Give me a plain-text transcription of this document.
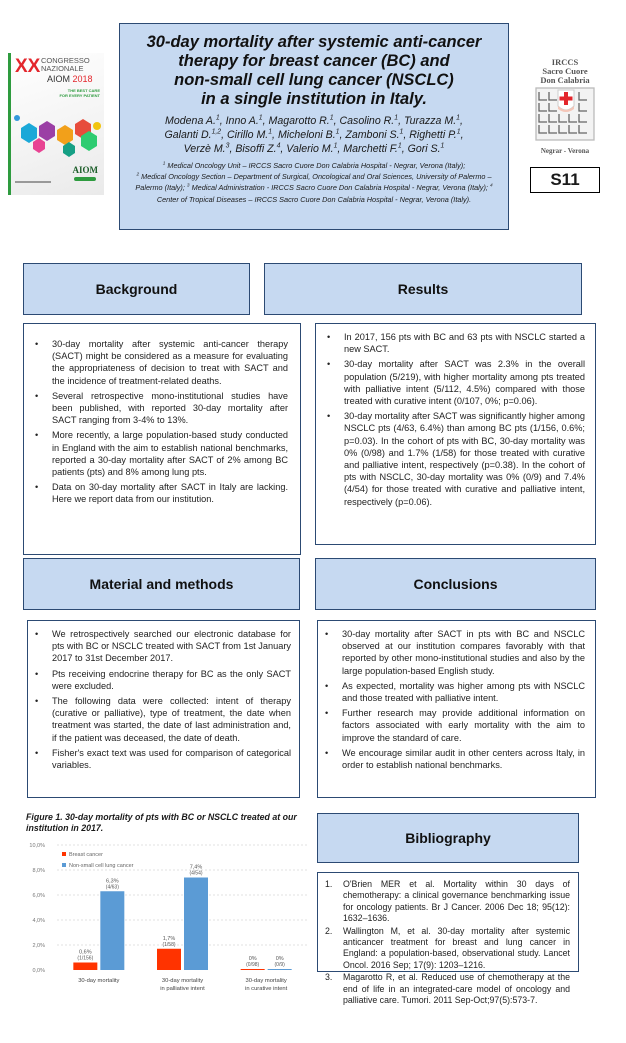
XX CONGRESSO
NAZIONALE
AIOM 2018
THE BEST CARE
FOR EVERY PATIENT
AIOM
30-day mortality after systemic anti-cancer
therapy for breast cancer (BC) and
non-small cell lung cancer (NSCLC)
in a single institution in Italy.
Modena A.$^1$, Inno A.$^1$, Magarotto R.$^1$, Casolino R.$^1$, Turazza M.$^1$,
Galanti D.$^{1,2}$, Cirillo M.$^1$, Micheloni B.$^1$, Zamboni S.$^1$, Righetti P.$^1$,
Verzè M.$^3$, Bisoffi Z.$^4$, Valerio M.$^1$, Marchetti F.$^1$, Gori S.$^1$
$^1$ Medical Oncology Unit – IRCCS Sacro Cuore Don Calabria Hospital - Negrar, Verona (Italy);
$^2$ Medical Oncology Section – Department of Surgical, Oncological and Oral Sciences, University of Palermo – Palermo (Italy); $^3$ Medical Administration - IRCCS Sacro Cuore Don Calabria Hospital - Negrar, Verona (Italy); $^4$ Center of Tropical Diseases – IRCCS Sacro Cuore Don Calabria Hospital - Negrar, Verona (Italy).
IRCCS
Sacro Cuore
Don Calabria
Negrar - Verona
S11
Background	Results
• 30-day mortality after systemic anti-cancer therapy (SACT) might be considered as a measure for evaluating the appropriateness of decision to treat with SACT and the incidence of treatment-related deaths.
• Several retrospective mono-institutional studies have been published, with reported 30-day mortality after SACT ranging from 3-4% to 13%.
• More recently, a large population-based study conducted in England with the aim to establish national benchmarks, reported a 30-day mortality after SACT of 2% among BC patients (pts) and 8% among lung pts.
• Data on 30-day mortality after SACT in Italy are lacking. Here we report data from our institution.
• In 2017, 156 pts with BC and 63 pts with NSCLC started a new SACT.
• 30-day mortality after SACT was 2.3% in the overall population (5/219), with higher mortality among pts treated with palliative intent (5/112, 4.5%) compared with those treated with curative intent (0/107, 0%; p=0.06).
• 30-day mortality after SACT was significantly higher among NSCLC pts (4/63, 6.4%) than among BC pts (1/156, 0.6%; p=0.03). In the cohort of pts with BC, 30-day mortality was 0% (0/98) and 1.7% (1/58) for those treated with curative and palliative intent, respectively (p=0.38). In the cohort of pts with NSCLC, 30-day mortality was 0% (0/9) and 7.4% (4/54) for those treated with curative and palliative intent, respectively (p=0.06).
Material and methods	Conclusions
• We retrospectively searched our electronic database for pts with BC or NSCLC treated with SACT from 1st January 2017 to 31st December 2017.
• Pts receiving endocrine therapy for BC as the only SACT were excluded.
• The following data were collected: intent of therapy (curative or palliative), type of treatment, the date when treatment was started, the date of last administration and, if the patient was deceased, the date of death.
• Fisher's exact text was used for comparison of categorical variables.
• 30-day mortality after SACT in pts with BC and NSCLC observed at our institution compares favorably with that reported by other mono-institutional studies and also by the large population-based English study.
• As expected, mortality was higher among pts with NSCLC and those treated with palliative intent.
• Further research may provide additional information on factors associated with early mortality with the aim to improve the standard of care.
• We encourage similar audit in other centers across Italy, in order to establish national benchmarks.
Figure 1. 30-day mortality of pts with BC or NSCLC treated at our institution in 2017.
0,0%
2,0%
4,0%
6,0%
8,0%
10,0%
Breast cancer
Non-small cell lung cancer
0,6%
(1/156)
6,3%
(4/63)
30-day mortality
1,7%
(1/58)
7,4%
(4/54)
30-day mortality
in palliative intent
0%
(0/98)
0%
(0/9)
30-day mortality
in curative intent
Bibliography
1. O'Brien MER et al. Mortality within 30 days of chemotherapy: a clinical governance benchmarking issue for oncology patients. Br J Cancer. 2006 Dec 18; 95(12): 1632–1636.
2. Wallington M, et al. 30-day mortality after systemic anticancer treatment for breast and lung cancer in England: a population-based, observational study. Lancet Oncol. 2016 Sep; 17(9): 1203–1216.
3. Magarotto R, et al. Reduced use of chemotherapy at the end of life in an integrated-care model of oncology and palliative care. Tumori. 2011 Sep-Oct;97(5):573-7.
